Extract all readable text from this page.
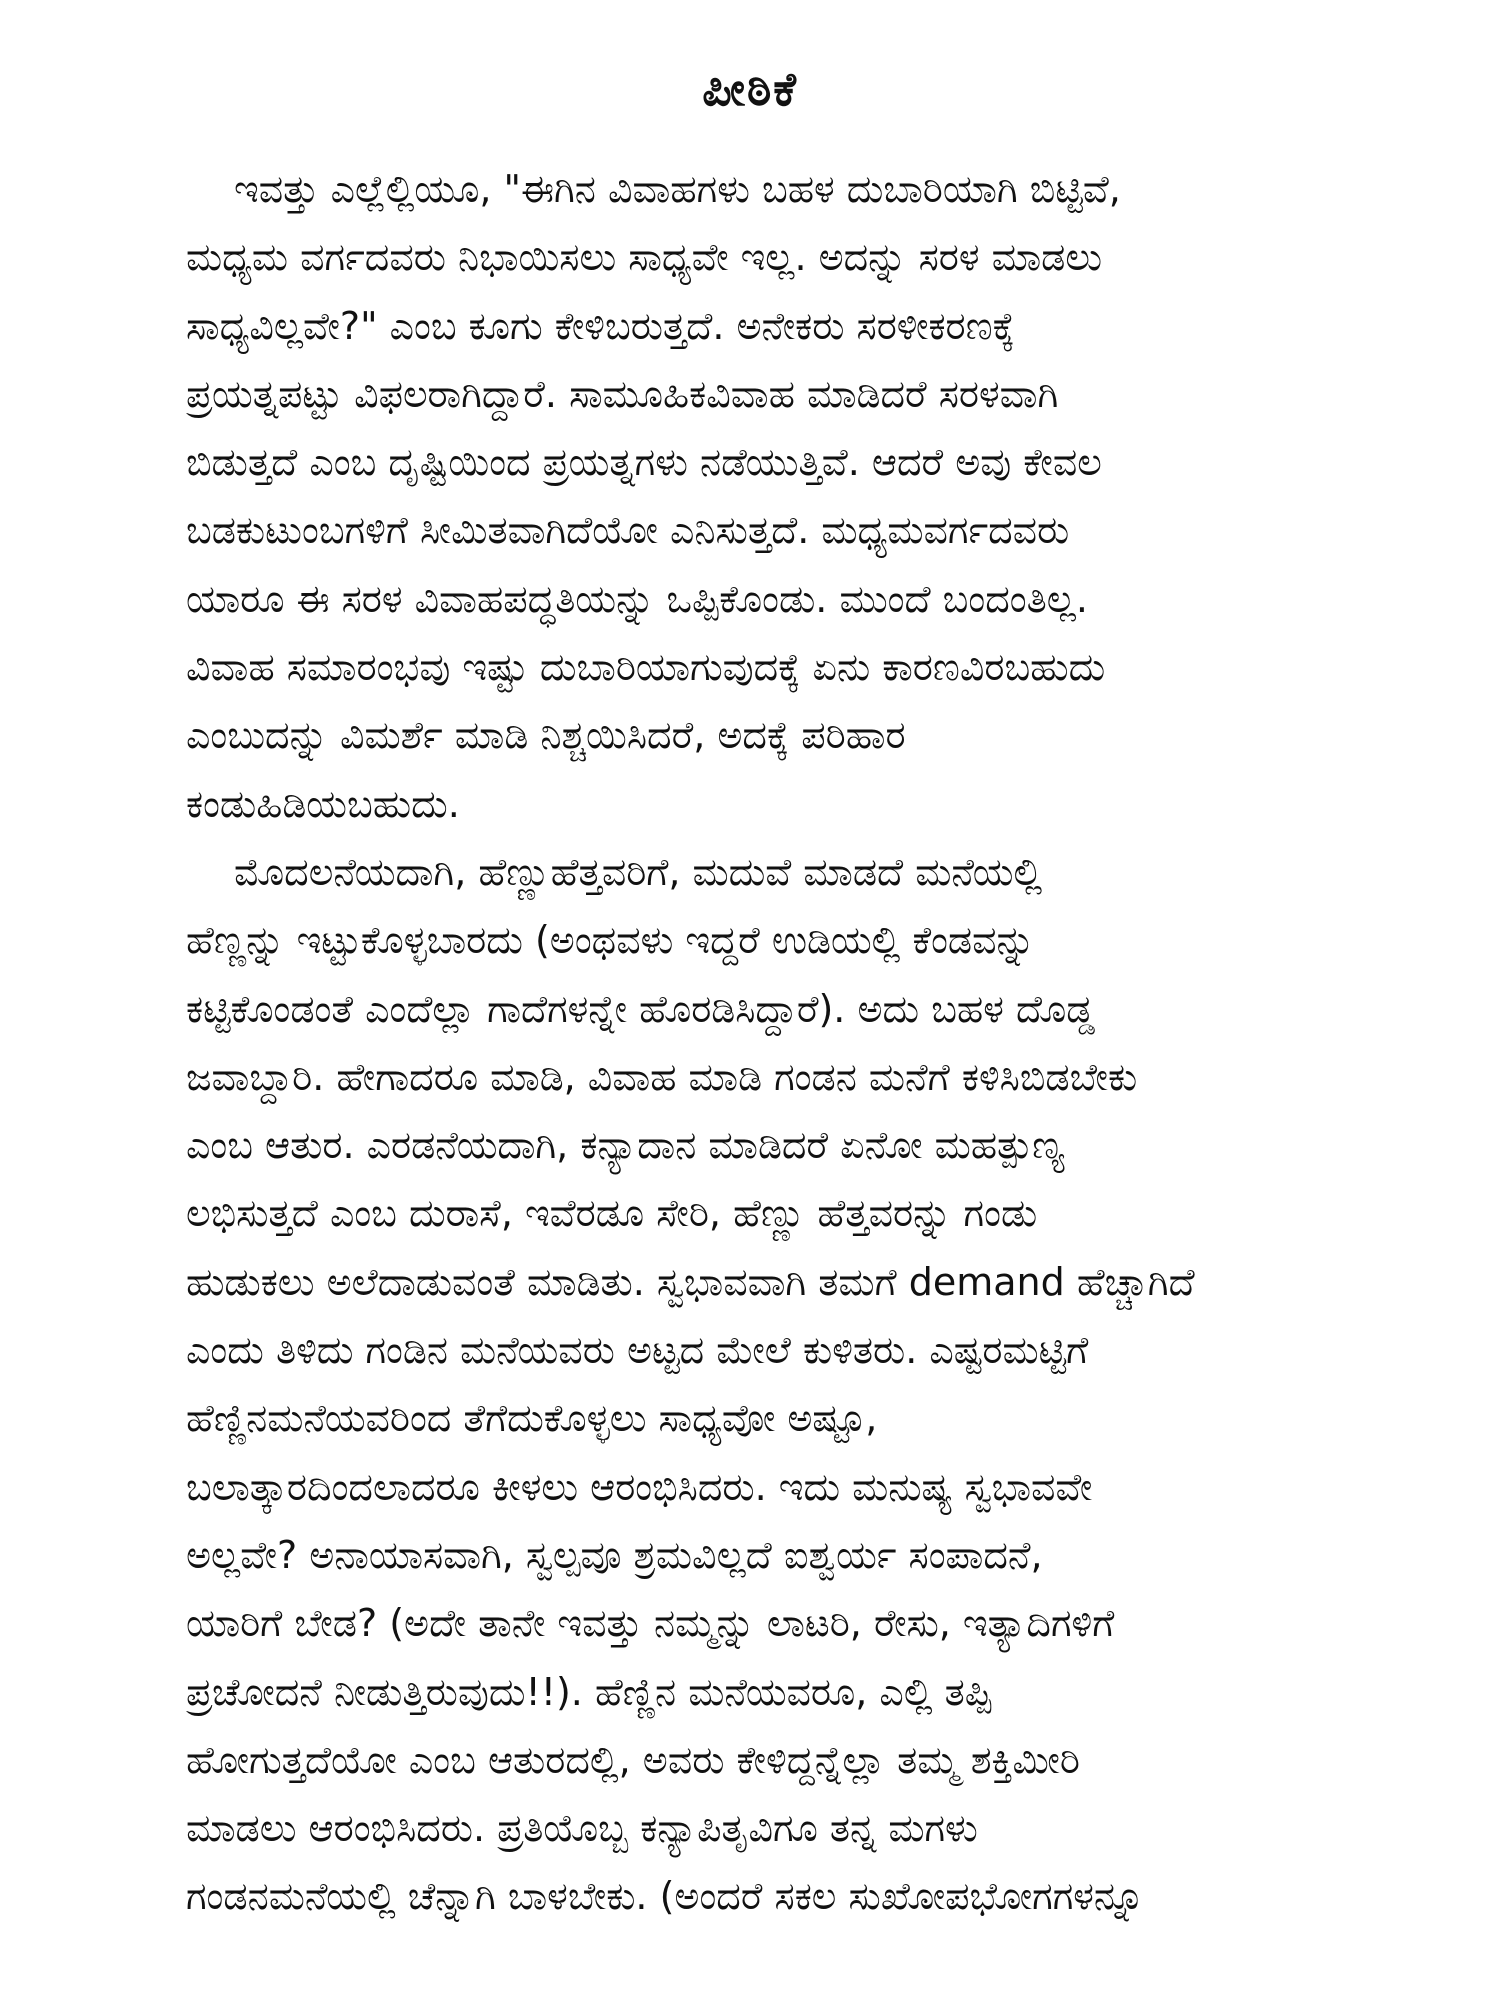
ಪೀಠಿಕೆ
ಇವತ್ತು ಎಲ್ಲೆಲ್ಲಿಯೂ, "ಈಗಿನ ವಿವಾಹಗಳು ಬಹಳ ದುಬಾರಿಯಾಗಿ ಬಿಟ್ಟಿವೆ,
ಮಧ್ಯಮ ವರ್ಗದವರು ನಿಭಾಯಿಸಲು ಸಾಧ್ಯವೇ ಇಲ್ಲ. ಅದನ್ನು ಸರಳ ಮಾಡಲು
ಸಾಧ್ಯವಿಲ್ಲವೇ?" ಎಂಬ ಕೂಗು ಕೇಳಿಬರುತ್ತದೆ. ಅನೇಕರು ಸರಳೀಕರಣಕ್ಕೆ
ಪ್ರಯತ್ನಪಟ್ಟು ವಿಫಲರಾಗಿದ್ದಾರೆ. ಸಾಮೂಹಿಕವಿವಾಹ ಮಾಡಿದರೆ ಸರಳವಾಗಿ
ಬಿಡುತ್ತದೆ ಎಂಬ ದೃಷ್ಟಿಯಿಂದ ಪ್ರಯತ್ನಗಳು ನಡೆಯುತ್ತಿವೆ. ಆದರೆ ಅವು ಕೇವಲ
ಬಡಕುಟುಂಬಗಳಿಗೆ ಸೀಮಿತವಾಗಿದೆಯೋ ಎನಿಸುತ್ತದೆ. ಮಧ್ಯಮವರ್ಗದವರು
ಯಾರೂ ಈ ಸರಳ ವಿವಾಹಪದ್ಧತಿಯನ್ನು ಒಪ್ಪಿಕೊಂಡು. ಮುಂದೆ ಬಂದಂತಿಲ್ಲ.
ವಿವಾಹ ಸಮಾರಂಭವು ಇಷ್ಟು ದುಬಾರಿಯಾಗುವುದಕ್ಕೆ ಏನು ಕಾರಣವಿರಬಹುದು
ಎಂಬುದನ್ನು ವಿಮರ್ಶೆ ಮಾಡಿ ನಿಶ್ಚಯಿಸಿದರೆ, ಅದಕ್ಕೆ ಪರಿಹಾರ
ಕಂಡುಹಿಡಿಯಬಹುದು.
ಮೊದಲನೆಯದಾಗಿ, ಹೆಣ್ಣುಹೆತ್ತವರಿಗೆ, ಮದುವೆ ಮಾಡದೆ ಮನೆಯಲ್ಲಿ
ಹೆಣ್ಣನ್ನು ಇಟ್ಟುಕೊಳ್ಳಬಾರದು (ಅಂಥವಳು ಇದ್ದರೆ ಉಡಿಯಲ್ಲಿ ಕೆಂಡವನ್ನು
ಕಟ್ಟಿಕೊಂಡಂತೆ ಎಂದೆಲ್ಲಾ ಗಾದೆಗಳನ್ನೇ ಹೊರಡಿಸಿದ್ದಾರೆ). ಅದು ಬಹಳ ದೊಡ್ಡ
ಜವಾಬ್ದಾರಿ. ಹೇಗಾದರೂ ಮಾಡಿ, ವಿವಾಹ ಮಾಡಿ ಗಂಡನ ಮನೆಗೆ ಕಳಿಸಿಬಿಡಬೇಕು
ಎಂಬ ಆತುರ. ಎರಡನೆಯದಾಗಿ, ಕನ್ಯಾದಾನ ಮಾಡಿದರೆ ಏನೋ ಮಹತ್ಪುಣ್ಯ
ಲಭಿಸುತ್ತದೆ ಎಂಬ ದುರಾಸೆ, ಇವೆರಡೂ ಸೇರಿ, ಹೆಣ್ಣು ಹೆತ್ತವರನ್ನು ಗಂಡು
ಹುಡುಕಲು ಅಲೆದಾಡುವಂತೆ ಮಾಡಿತು. ಸ್ವಭಾವವಾಗಿ ತಮಗೆ demand ಹೆಚ್ಚಾಗಿದೆ
ಎಂದು ತಿಳಿದು ಗಂಡಿನ ಮನೆಯವರು ಅಟ್ಟದ ಮೇಲೆ ಕುಳಿತರು. ಎಷ್ಟರಮಟ್ಟಿಗೆ
ಹೆಣ್ಣಿನಮನೆಯವರಿಂದ ತೆಗೆದುಕೊಳ್ಳಲು ಸಾಧ್ಯವೋ ಅಷ್ಟೂ,
ಬಲಾತ್ಕಾರದಿಂದಲಾದರೂ ಕೀಳಲು ಆರಂಭಿಸಿದರು. ಇದು ಮನುಷ್ಯ ಸ್ವಭಾವವೇ
ಅಲ್ಲವೇ? ಅನಾಯಾಸವಾಗಿ, ಸ್ವಲ್ಪವೂ ಶ್ರಮವಿಲ್ಲದೆ ಐಶ್ವರ್ಯ ಸಂಪಾದನೆ,
ಯಾರಿಗೆ ಬೇಡ? (ಅದೇ ತಾನೇ ಇವತ್ತು ನಮ್ಮನ್ನು ಲಾಟರಿ, ರೇಸು, ಇತ್ಯಾದಿಗಳಿಗೆ
ಪ್ರಚೋದನೆ ನೀಡುತ್ತಿರುವುದು!!). ಹೆಣ್ಣಿನ ಮನೆಯವರೂ, ಎಲ್ಲಿ ತಪ್ಪಿ
ಹೋಗುತ್ತದೆಯೋ ಎಂಬ ಆತುರದಲ್ಲಿ, ಅವರು ಕೇಳಿದ್ದನ್ನೆಲ್ಲಾ ತಮ್ಮ ಶಕ್ತಿಮೀರಿ
ಮಾಡಲು ಆರಂಭಿಸಿದರು. ಪ್ರತಿಯೊಬ್ಬ ಕನ್ಯಾಪಿತೃವಿಗೂ ತನ್ನ ಮಗಳು
ಗಂಡನಮನೆಯಲ್ಲಿ ಚೆನ್ನಾಗಿ ಬಾಳಬೇಕು. (ಅಂದರೆ ಸಕಲ ಸುಖೋಪಭೋಗಗಳನ್ನೂ
